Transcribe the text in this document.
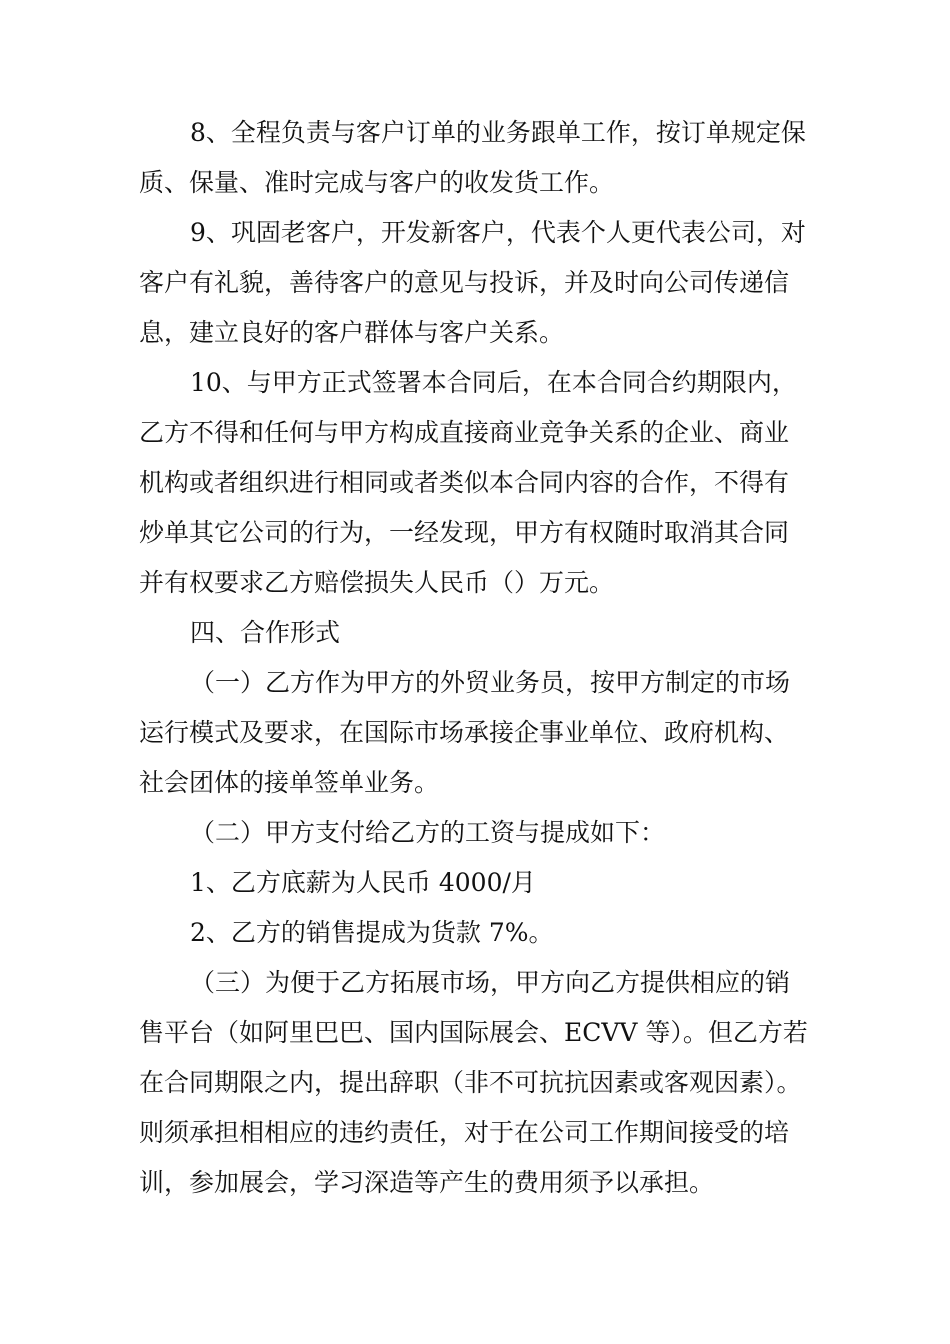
8、全程负责与客户订单的业务跟单工作，按订单规定保
质、保量、准时完成与客户的收发货工作。
9、巩固老客户，开发新客户，代表个人更代表公司，对
客户有礼貌，善待客户的意见与投诉，并及时向公司传递信
息，建立良好的客户群体与客户关系。
10、与甲方正式签署本合同后，在本合同合约期限内，
乙方不得和任何与甲方构成直接商业竞争关系的企业、商业
机构或者组织进行相同或者类似本合同内容的合作，不得有
炒单其它公司的行为，一经发现，甲方有权随时取消其合同
并有权要求乙方赔偿损失人民币（）万元。
四、合作形式
（一）乙方作为甲方的外贸业务员，按甲方制定的市场
运行模式及要求，在国际市场承接企事业单位、政府机构、
社会团体的接单签单业务。
（二）甲方支付给乙方的工资与提成如下：
1、乙方底薪为人民币 4000/月
2、乙方的销售提成为货款 7%。
（三）为便于乙方拓展市场，甲方向乙方提供相应的销
售平台（如阿里巴巴、国内国际展会、ECVV 等）。但乙方若
在合同期限之内，提出辞职（非不可抗抗因素或客观因素）。
则须承担相相应的违约责任，对于在公司工作期间接受的培
训，参加展会，学习深造等产生的费用须予以承担。
